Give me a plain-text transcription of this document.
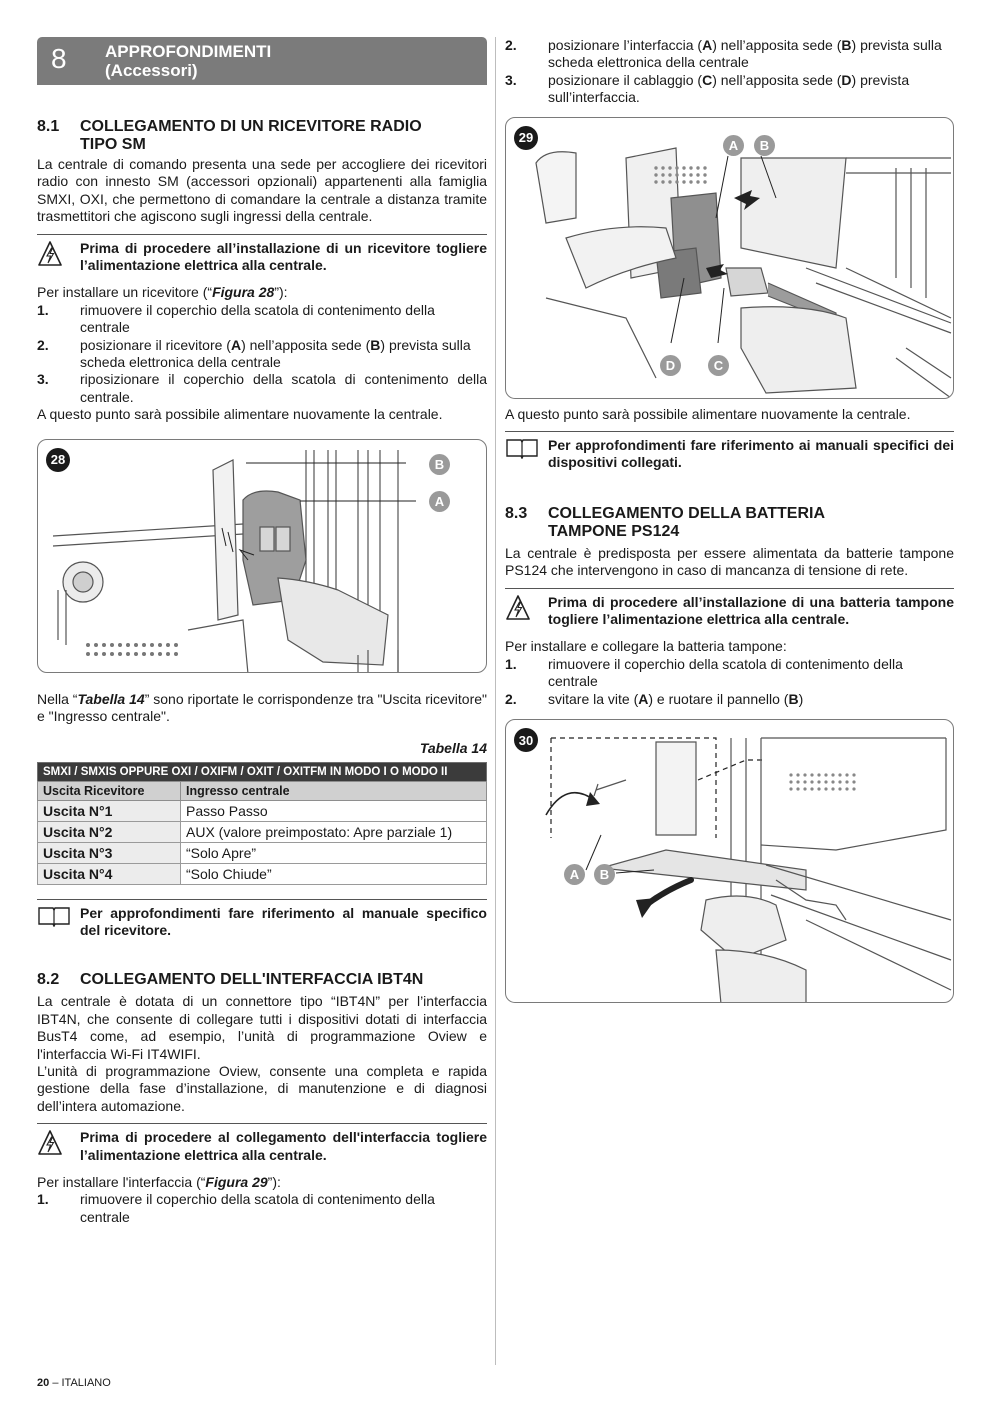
8 APPROFONDIMENTI
(Accessori)
8.1	COLLEGAMENTO DI UN RICEVITORE RADIO
TIPO SM

La centrale di comando presenta una sede per accogliere dei ricevitori radio con innesto SM (accessori opzionali) appartenenti alla famiglia SMXI, OXI, che permettono di comandare la centrale a distanza tramite trasmettitori che agiscono sugli ingressi della centrale.

Prima di procedere all’installazione di un ricevitore togliere l’alimentazione elettrica alla centrale.

Per installare un ricevitore (“Figura 28”):

1.	rimuovere il coperchio della scatola di contenimento della centrale
2.	posizionare il ricevitore (A) nell’apposita sede (B) prevista sulla scheda elettronica della centrale
3.	riposizionare il coperchio della scatola di contenimento della centrale.

A questo punto sarà possibile alimentare nuovamente la centrale.

28	B
A

Nella “Tabella 14” sono riportate le corrispondenze tra "Uscita ricevitore" e "Ingresso centrale".

Tabella 14
SMXI / SMXIS OPPURE OXI / OXIFM / OXIT / OXITFM IN MODO I O MODO II	
Uscita Ricevitore	Ingresso centrale
Uscita N°1	Passo Passo
Uscita N°2	AUX (valore preimpostato: Apre parziale 1)
Uscita N°3	“Solo Apre”
Uscita N°4	“Solo Chiude”
Per approfondimenti fare riferimento al manuale specifico del ricevitore.
8.2	COLLEGAMENTO DELL'INTERFACCIA IBT4N

La centrale è dotata di un connettore tipo “IBT4N” per l’interfaccia IBT4N, che consente di collegare tutti i dispositivi dotati di interfaccia BusT4 come, ad esempio, l’unità di programmazione Oview e l'interfaccia Wi-Fi IT4WIFI.

L’unità di programmazione Oview, consente una completa e rapida gestione della fase d’installazione, di manutenzione e di diagnosi dell’intera automazione.

Prima di procedere al collegamento dell'interfaccia togliere l’alimentazione elettrica alla centrale.

Per installare l'interfaccia (“Figura 29”):

1.	rimuovere il coperchio della scatola di contenimento della centrale
2.	posizionare l’interfaccia (A) nell’apposita sede (B) prevista sulla scheda elettronica della centrale
3.	posizionare il cablaggio (C) nell’apposita sede (D) prevista sull’interfaccia.
29	A	B
D	C

A questo punto sarà possibile alimentare nuovamente la centrale.

Per approfondimenti fare riferimento ai manuali specifici dei dispositivi collegati.
8.3	COLLEGAMENTO DELLA BATTERIA
TAMPONE PS124

La centrale è predisposta per essere alimentata da batterie tampone PS124 che intervengono in caso di mancanza di tensione di rete.

Prima di procedere all’installazione di una batteria tampone togliere l’alimentazione elettrica alla centrale.

Per installare e collegare la batteria tampone:

1.	rimuovere il coperchio della scatola di contenimento della centrale
2.	svitare la vite (A) e ruotare il pannello (B)
30
A	B
20 – ITALIANO
